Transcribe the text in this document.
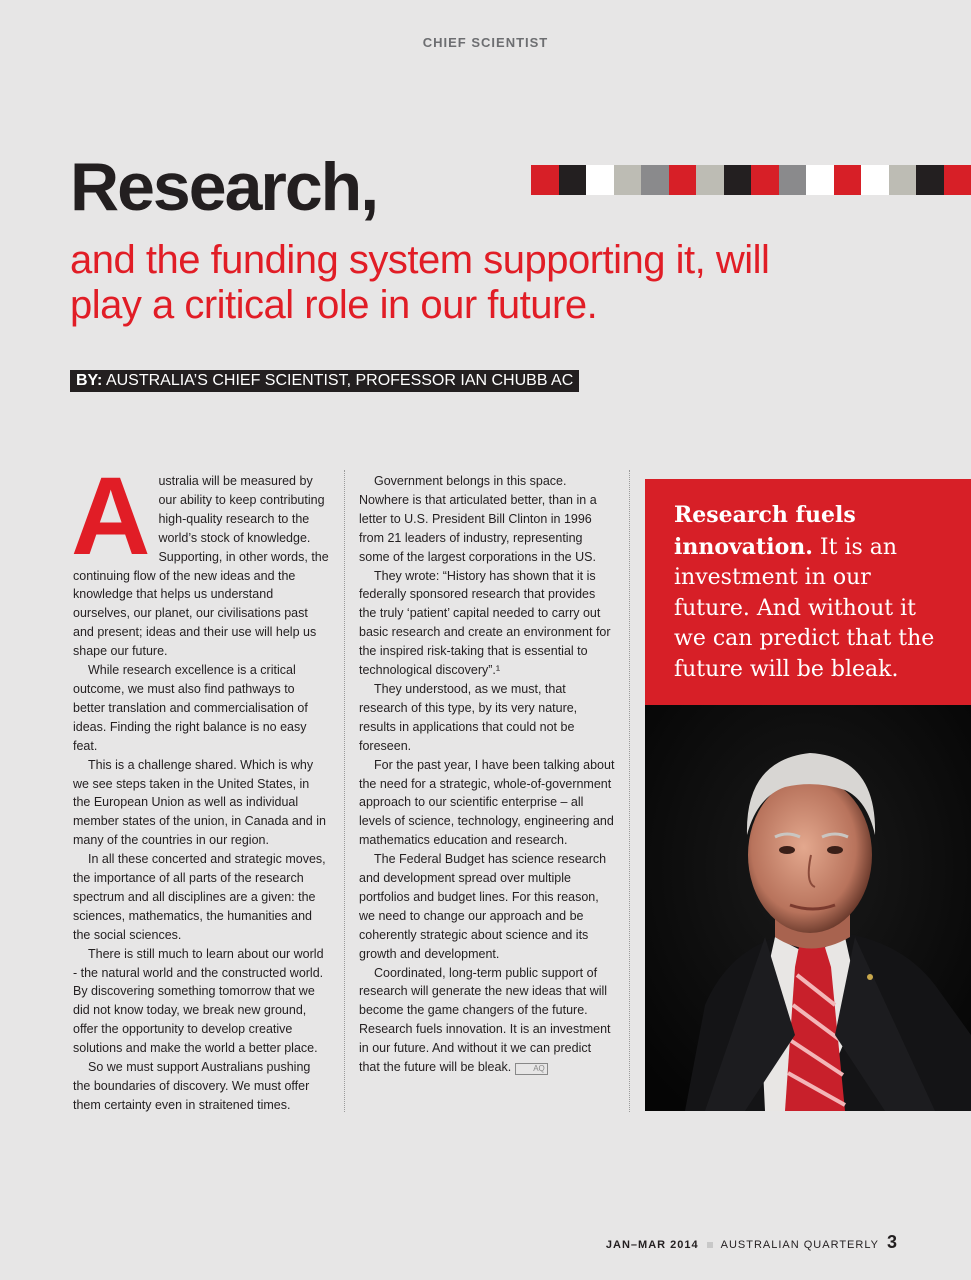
CHIEF SCIENTIST
Research,
and the funding system supporting it, will play a critical role in our future.
BY: AUSTRALIA’S CHIEF SCIENTIST, PROFESSOR IAN CHUBB AC

Australia will be measured by our ability to keep contributing high-quality research to the world’s stock of knowledge. Supporting, in other words, the continuing flow of the new ideas and the knowledge that helps us understand ourselves, our planet, our civilisations past and present; ideas and their use will help us shape our future.

While research excellence is a critical outcome, we must also find pathways to better translation and commercialisation of ideas. Finding the right balance is no easy feat.

This is a challenge shared. Which is why we see steps taken in the United States, in the European Union as well as individual member states of the union, in Canada and in many of the countries in our region.

In all these concerted and strategic moves, the importance of all parts of the research spectrum and all disciplines are a given: the sciences, mathematics, the humanities and the social sciences.

There is still much to learn about our world - the natural world and the constructed world. By discovering something tomorrow that we did not know today, we break new ground, offer the opportunity to develop creative solutions and make the world a better place.

So we must support Australians pushing the boundaries of discovery. We must offer them certainty even in straitened times.

Government belongs in this space. Nowhere is that articulated better, than in a letter to U.S. President Bill Clinton in 1996 from 21 leaders of industry, representing some of the largest corporations in the US.

They wrote: “History has shown that it is federally sponsored research that provides the truly ‘patient’ capital needed to carry out basic research and create an environment for the inspired risk-taking that is essential to technological discovery”.¹

They understood, as we must, that research of this type, by its very nature, results in applications that could not be foreseen.

For the past year, I have been talking about the need for a strategic, whole-of-government approach to our scientific enterprise – all levels of science, technology, engineering and mathematics education and research.

The Federal Budget has science research and development spread over multiple portfolios and budget lines. For this reason, we need to change our approach and be coherently strategic about science and its growth and development.

Coordinated, long-term public support of research will generate the new ideas that will become the game changers of the future. Research fuels innovation. It is an investment in our future. And without it we can predict that the future will be bleak.	AQ

Research fuels innovation. It is an investment in our future. And without it we can predict that the future will be bleak.
JAN–MAR 2014 AUSTRALIAN QUARTERLY 3
